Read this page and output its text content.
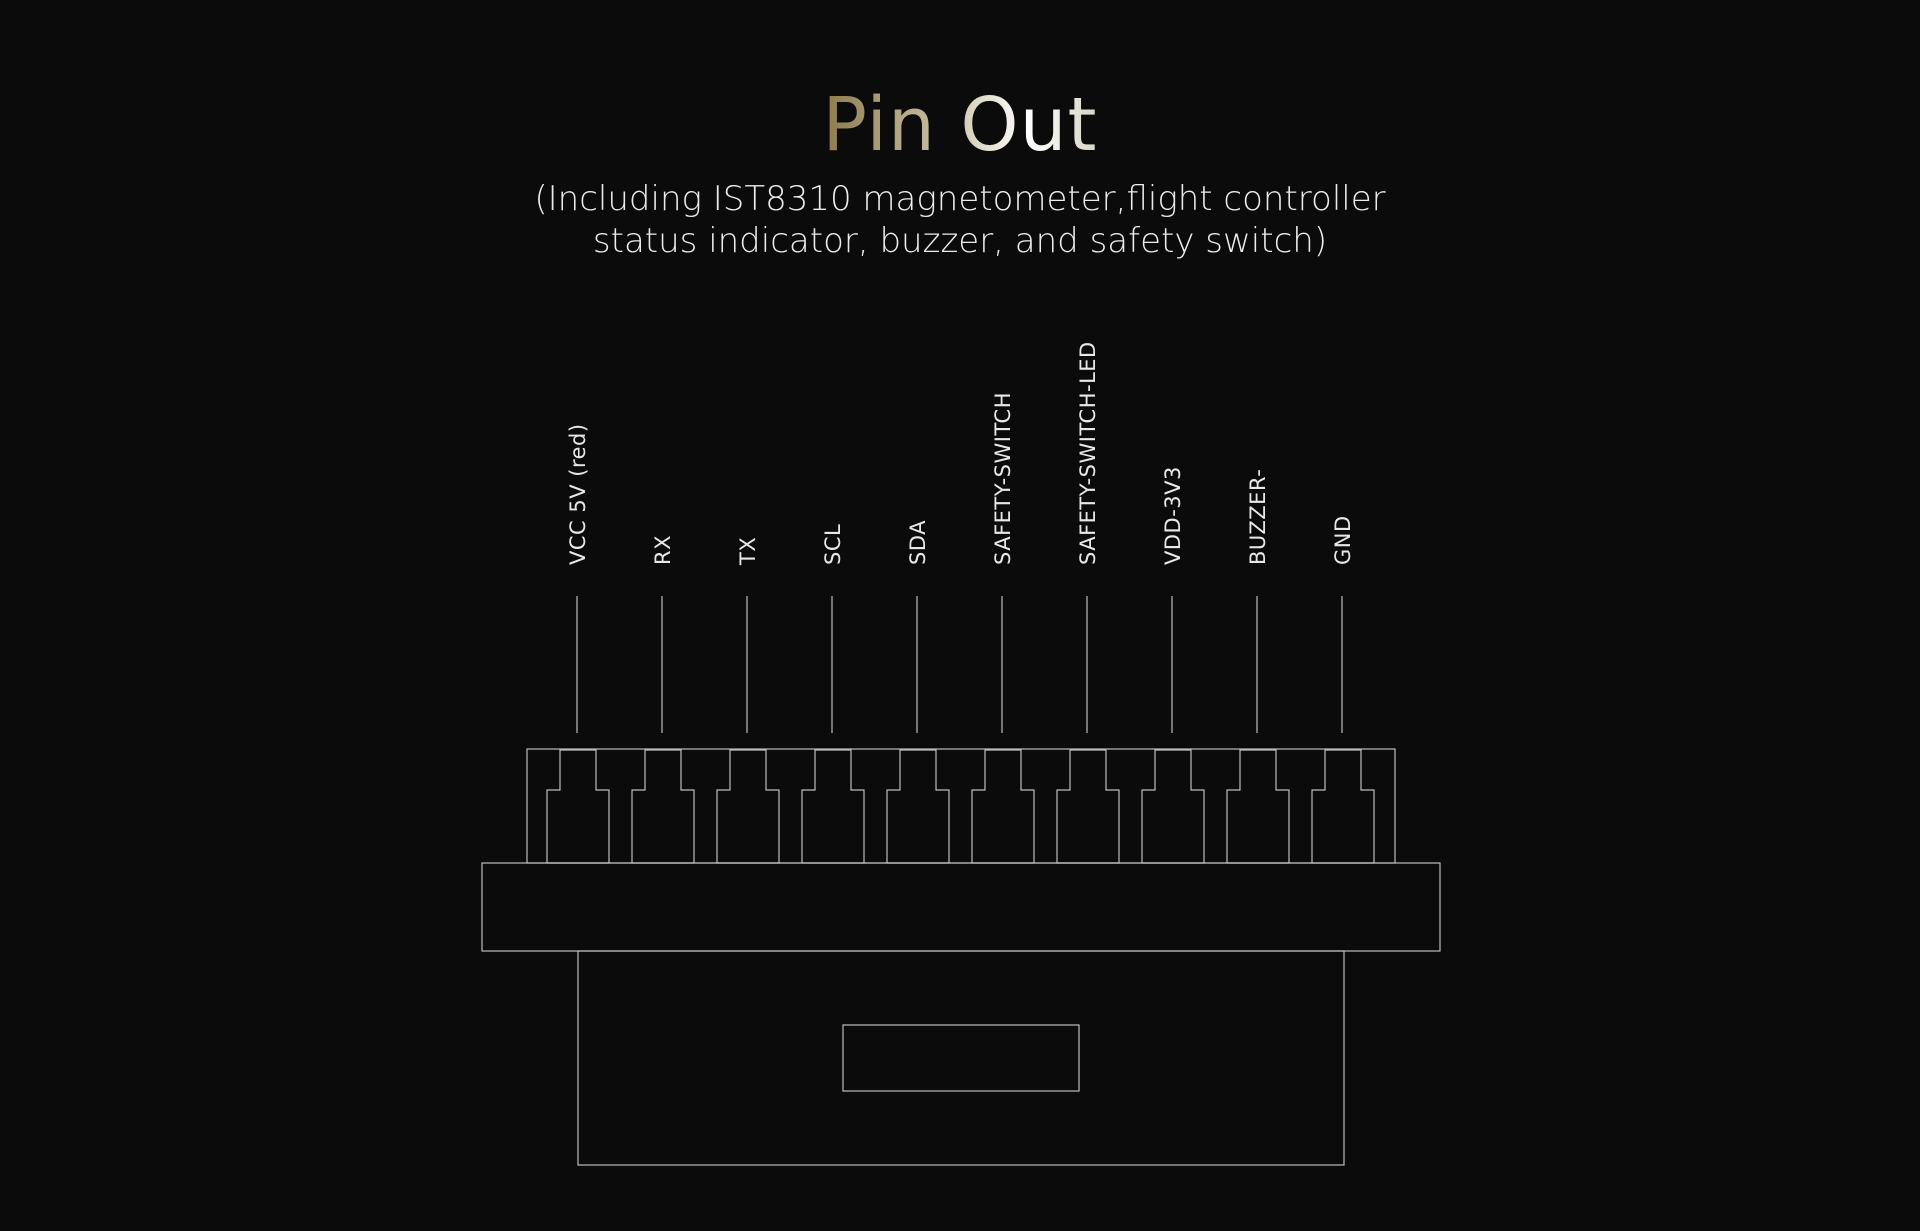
Pin Out
(Including IST8310 magnetometer,flight controller
status indicator, buzzer, and safety switch)
VCC 5V (red)	RX	TX	SCL	SDA	SAFETY-SWITCH	SAFETY-SWITCH-LED	VDD-3V3	BUZZER-	GND
